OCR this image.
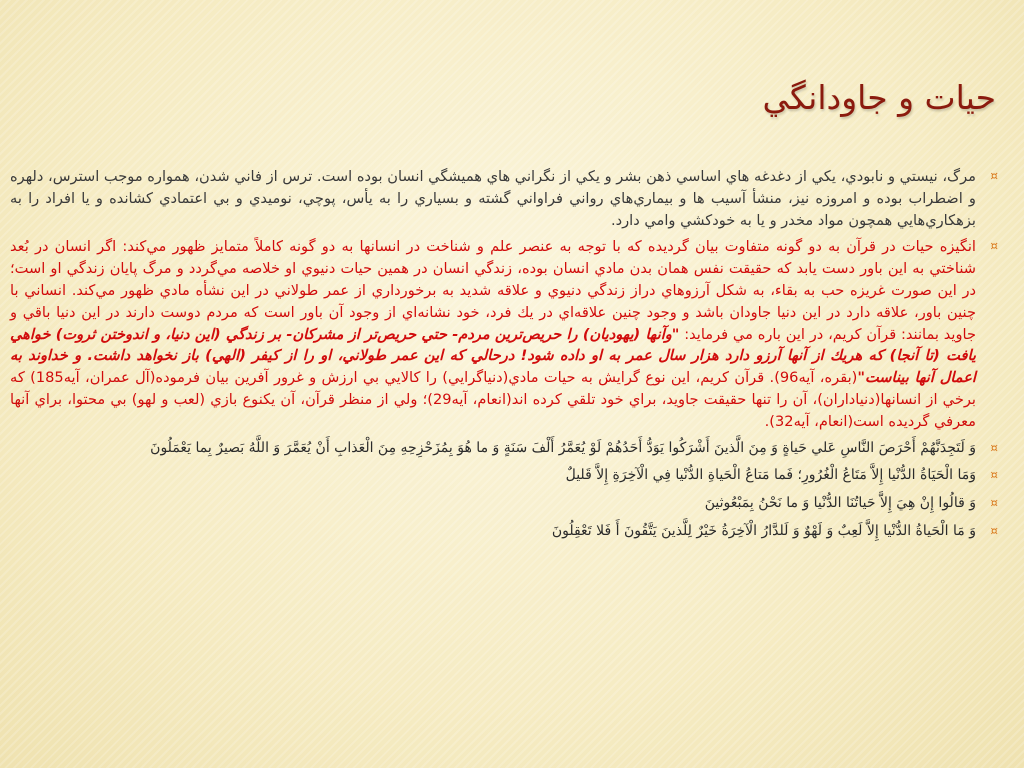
حيات و جاودانگي
¤
مرگ، نيستي و نابودي، يكي از دغدغه هاي اساسي ذهن بشر و يكي از نگراني هاي هميشگي انسان بوده است. ترس از فاني شدن، همواره موجب استرس، دلهره و اضطراب بوده و امروزه نيز، منشأ آسيب ها و بيماري‌هاي رواني فراواني گشته و بسياري را به يأس، پوچي، نوميدي و بي اعتمادي كشانده و يا افراد را به بزهكاري‌هايي همچون مواد مخدر و يا به خودكشي وامي دارد.
¤
انگيزه حيات در قرآن به دو گونه متفاوت بيان گرديده كه با توجه به عنصر علم و شناخت در انسانها به دو گونه كاملاً متمايز ظهور مي‌كند: اگر انسان در بُعد شناختي به اين باور دست يابد كه حقيقت نفس همان بدن مادي انسان بوده، زندگي انسان در همين حيات دنيوي او خلاصه مي‌گردد و مرگ پايان زندگي او است؛ در اين صورت غريزه حب به بقاء، به شكل آرزوهاي دراز زندگي دنيوي و علاقه شديد به برخورداري از عمر طولاني در اين نشأه مادي ظهور مي‌كند. انساني با چنين باور، علاقه دارد در اين دنيا جاودان باشد و وجود چنين علاقه‌اي در يك فرد، خود نشانه‌اي از وجود آن باور است كه مردم دوست دارند در اين دنيا باقي و جاويد بمانند: قرآن كريم، در اين باره مي فرمايد: "و‌آنها (يهوديان) را حريص‌ترين مردم- حتي حريص‌تر از مشركان- بر زندگي (اين دنيا، و اندوختن ثروت) خواهي يافت (تا آنجا) كه هريك از آنها آرزو دارد هزار سال عمر به او داده شود! درحالي كه اين عمر طولاني، او را از كيفر (الهي) باز نخواهد داشت. و خداوند به اعمال آنها بيناست"(بقره، آيه96). قرآن كريم، اين نوع گرايش به حيات مادي(دنياگرايي) را كالايي بي ارزش و غرور آفرين بيان فرموده(آل عمران، آيه185) كه برخي از انسانها(دنياداران)، آن را تنها حقيقت جاويد، براي خود تلقي كرده اند(انعام، آيه29)؛ ولي از منظر قرآن، آن يكنوع بازي (لعب و لهو) بي محتوا، براي آنها معرفي گرديده است(انعام، آيه32).
¤
وَ لَتَجِدَنَّهُمْ أَحْرَصَ النَّاسِ عَلي حَياةٍ وَ مِنَ الَّذينَ أَشْرَكُوا يَوَدُّ أَحَدُهُمْ لَوْ يُعَمَّرُ أَلْفَ سَنَةٍ وَ ما هُوَ بِمُزَحْزِحِهِ مِنَ الْعَذابِ أَنْ يُعَمَّرَ وَ اللَّهُ بَصيرٌ بِما يَعْمَلُونَ
¤
وَمَا الْحَيَاةُ الدُّنْيا إِلاَّ مَتَاعُ الْغُرُورِ؛ فَما مَتاعُ الْحَياةِ الدُّنْيا فِي الْآخِرَةِ إِلاَّ قَليلٌ
¤
وَ قالُوا إِنْ هِيَ إِلاَّ حَياتُنَا الدُّنْيا وَ ما نَحْنُ بِمَبْعُوثينَ
¤
وَ مَا الْحَياةُ الدُّنْيا إِلاَّ لَعِبٌ وَ لَهْوٌ وَ لَلدَّارُ الْآخِرَةُ خَيْرٌ لِلَّذينَ يَتَّقُونَ أَ فَلا تَعْقِلُونَ
